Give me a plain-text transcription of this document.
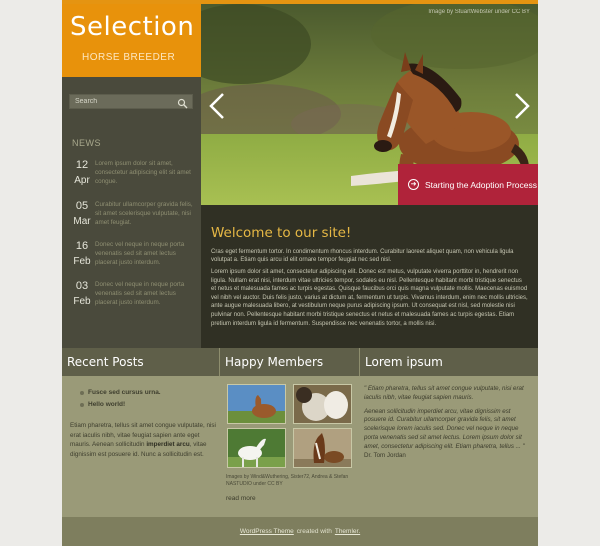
Selection
HORSE BREEDER
Search
NEWS
12
Apr
Lorem ipsum dolor sit amet, consectetur adipiscing elit sit amet congue.
05
Mar
Curabitur ullamcorper gravida felis, sit amet scelerisque vulputate, nisi amet feugiat.
16
Feb
Donec vel neque in neque porta venenatis sed sit amet lectus placerat justo interdum.
03
Feb
Donec vel neque in neque porta venenatis sed sit amet lectus placerat justo interdum.
Image by StuartWebster under CC BY
➜	Starting the Adoption Process
Welcome to our site!

Cras eget fermentum tortor. In condimentum rhoncus interdum. Curabitur laoreet aliquet quam, non vehicula ligula volutpat a. Etiam quis arcu id elit ornare tempor feugiat nec sed nisl.

Lorem ipsum dolor sit amet, consectetur adipiscing elit. Donec est metus, vulputate viverra porttitor in, hendrerit non ligula. Nullam erat nisi, interdum vitae ultricies tempor, sodales eu nisl. Pellentesque habitant morbi tristique senectus et netus et malesuada fames ac turpis egestas. Quisque faucibus orci quis magna vulputate mollis. Maecenas euismod vel nibh vel auctor. Duis felis justo, varius at dictum at, fermentum ut turpis. Vivamus interdum, enim nec mollis ultricies, ante augue malesuada libero, at vestibulum neque purus adipiscing ipsum. Ut consequat est nisl, sed molestie nisi pulvinar non. Pellentesque habitant morbi tristique senectus et netus et malesuada fames ac turpis egestas. Etiam pretium interdum ligula id fermentum. Suspendisse nec venenatis tortor, a mollis nisi.

Recent Posts	Happy Members	Lorem ipsum
Fusce sed cursus urna.
Hello world!

Etiam pharetra, tellus sit amet congue vulputate, nisi erat iaculis nibh, vitae feugiat sapien ante eget mauris. Aenean sollicitudin imperdiet arcu, vitae dignissim est posuere id. Nunc a sollicitudin est.

Images by Wind&Wuthering, Sister72, Andrea & Stefan NASTUDIO under CC BY

read more

" Etiam pharetra, tellus sit amet congue vulputate, nisi erat iaculis nibh, vitae feugiat sapien mauris.

Aenean sollicitudin imperdiet arcu, vitae dignissim est posuere id. Curabitur ullamcorper gravida felis, sit amet scelerisque lorem iaculis sed. Donec vel neque in neque porta venenatis sed sit amet lectus. Lorem ipsum dolor sit amet, consectetur adipiscing elit. Etiam pharetra, tellus ... "

Dr. Tom Jordan

WordPress Theme created with Themler.
